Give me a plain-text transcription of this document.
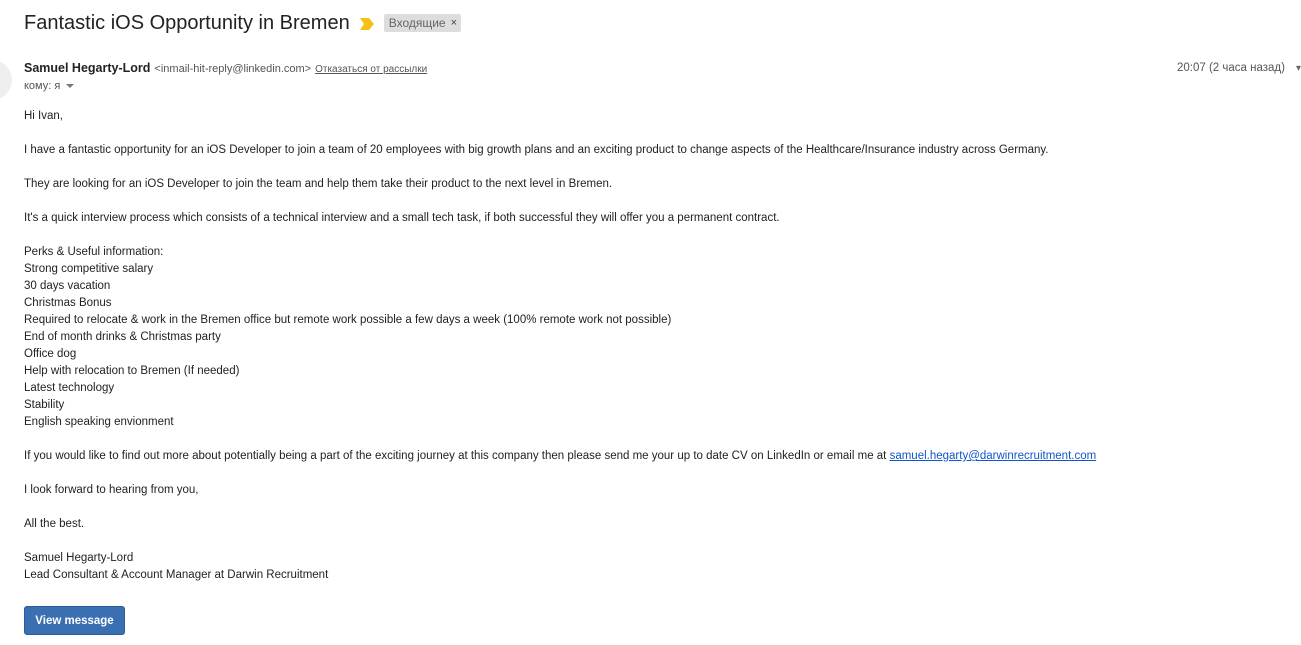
Fantastic iOS Opportunity in Bremen	Входящие ×
Samuel Hegarty-Lord <inmail-hit-reply@linkedin.com> Отказаться от рассылки	20:07 (2 часа назад) ▾
кому: я

Hi Ivan,

I have a fantastic opportunity for an iOS Developer to join a team of 20 employees with big growth plans and an exciting product to change aspects of the Healthcare/Insurance industry across Germany.

They are looking for an iOS Developer to join the team and help them take their product to the next level in Bremen.

It's a quick interview process which consists of a technical interview and a small tech task, if both successful they will offer you a permanent contract.

Perks & Useful information:
Strong competitive salary
30 days vacation
Christmas Bonus
Required to relocate & work in the Bremen office but remote work possible a few days a week (100% remote work not possible)
End of month drinks & Christmas party
Office dog
Help with relocation to Bremen (If needed)
Latest technology
Stability
English speaking envionment

If you would like to find out more about potentially being a part of the exciting journey at this company then please send me your up to date CV on LinkedIn or email me at samuel.hegarty@darwinrecruitment.com

I look forward to hearing from you,

All the best.

Samuel Hegarty-Lord
Lead Consultant & Account Manager at Darwin Recruitment

View message
